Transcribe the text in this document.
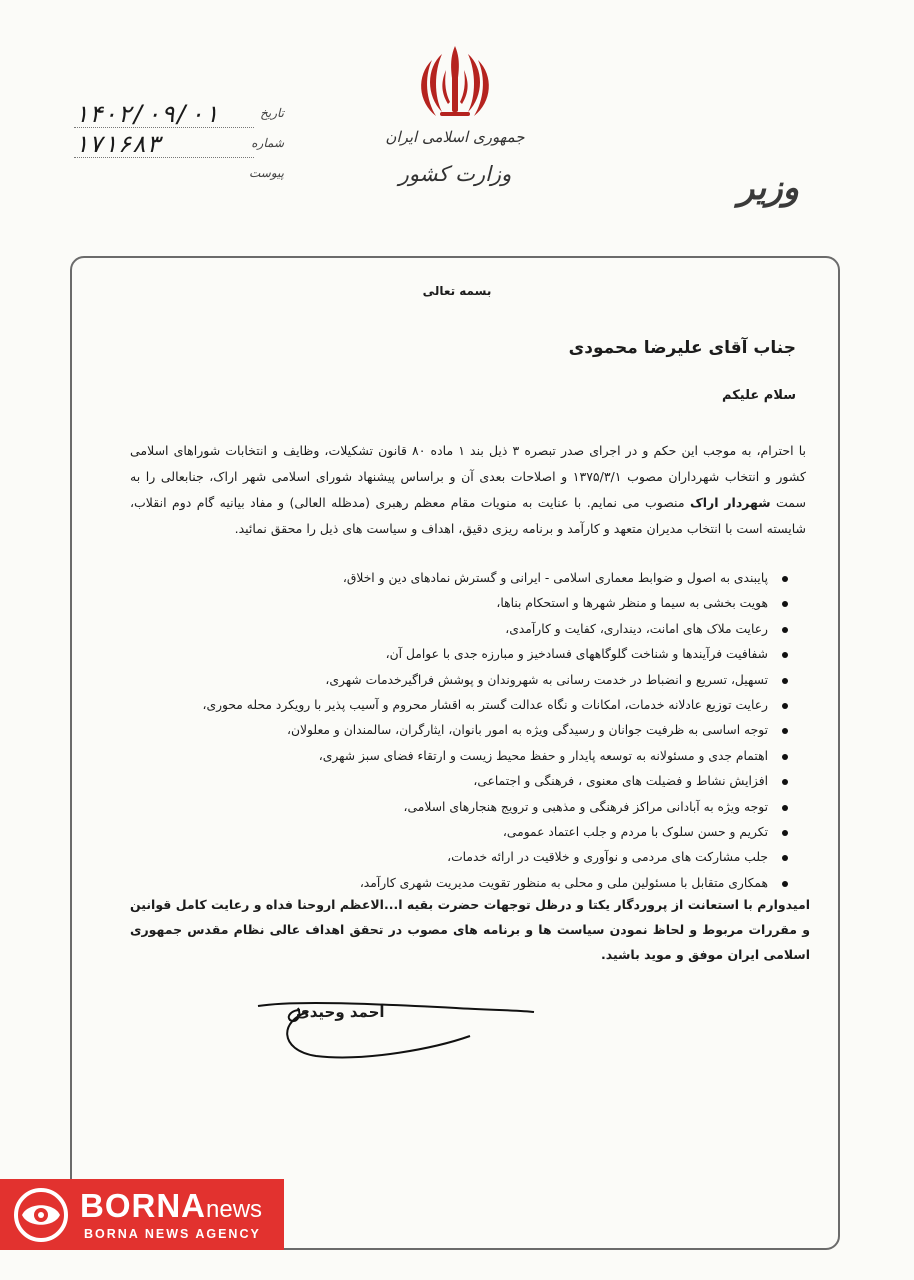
جمهوری اسلامی ایران
وزارت کشور	وزیر
تاریخ
۱۴۰۲/۰۹/۰۱
شماره
۱۷۱۶۸۳
پیوست
بسمه تعالی
جناب آقای علیرضا محمودی
سلام علیکم
با احترام، به موجب این حکم و در اجرای صدر تبصره ۳ ذیل بند ۱ ماده ۸۰ قانون تشکیلات، وظایف و انتخابات شوراهای اسلامی کشور و انتخاب شهرداران مصوب ۱۳۷۵/۳/۱ و اصلاحات بعدی آن و براساس پیشنهاد شورای اسلامی شهر اراک، جنابعالی را به سمت شهردار اراک منصوب می نمایم. با عنایت به منویات مقام معظم رهبری (مدظله العالی) و مفاد بیانیه گام دوم انقلاب، شایسته است با انتخاب مدیران متعهد و کارآمد و برنامه ریزی دقیق، اهداف و سیاست های ذیل را محقق نمائید.
پایبندی به اصول و ضوابط معماری اسلامی - ایرانی و گسترش نمادهای دین و اخلاق،
هویت بخشی به سیما و منظر شهرها و استحکام بناها،
رعایت ملاک های امانت، دینداری، کفایت و کارآمدی،
شفافیت فرآیندها و شناخت گلوگاههای فسادخیز و مبارزه جدی با عوامل آن،
تسهیل، تسریع و انضباط در خدمت رسانی به شهروندان و پوشش فراگیرخدمات شهری،
رعایت توزیع عادلانه خدمات، امکانات و نگاه عدالت گستر به اقشار محروم و آسیب پذیر با رویکرد محله محوری،
توجه اساسی به ظرفیت جوانان و رسیدگی ویژه به امور بانوان، ایثارگران، سالمندان و معلولان،
اهتمام جدی و مسئولانه به توسعه پایدار و حفظ محیط زیست و ارتقاء فضای سبز شهری،
افزایش نشاط و فضیلت های معنوی ، فرهنگی و اجتماعی،
توجه ویژه به آبادانی مراکز فرهنگی و مذهبی و ترویج هنجارهای اسلامی،
تکریم و حسن سلوک با مردم و جلب اعتماد عمومی،
جلب مشارکت های مردمی و نوآوری و خلاقیت در ارائه خدمات،
همکاری متقابل با مسئولین ملی و محلی به منظور تقویت مدیریت شهری کارآمد،
امیدوارم با استعانت از پروردگار یکتا و درظل توجهات حضرت بقیه ا...الاعظم اروحنا فداه و رعایت کامل قوانین و مقررات مربوط و لحاظ نمودن سیاست ها و برنامه های مصوب در تحقق اهداف عالی نظام مقدس جمهوری اسلامی ایران موفق و موید باشید.
احمد وحیدی
BORNAnews
BORNA NEWS AGENCY
